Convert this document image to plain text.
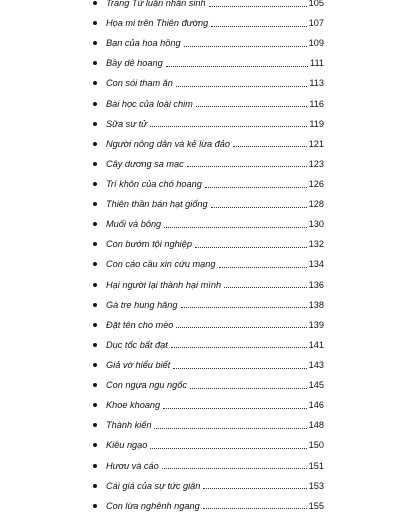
Trang Tử luận nhân sinh	105
Họa mi trên Thiên đường	107
Bạn của hoa hồng	109
Bầy dê hoang	111
Con sói tham ăn	113
Bài học của loài chim	116
Sữa sư tử	119
Người nông dân và kẻ lừa đảo	121
Cây dương sa mạc	123
Trí khôn của chó hoang	126
Thiên thần bán hạt giống	128
Muối và bông	130
Con bướm tội nghiệp	132
Con cáo cầu xin cứu mạng	134
Hại người lại thành hại mình	136
Gà tre hung hăng	138
Đặt tên cho mèo	139
Dục tốc bất đạt	141
Giả vờ hiểu biết	143
Con ngựa ngu ngốc	145
Khoe khoang	146
Thành kiến	148
Kiêu ngạo	150
Hươu và cáo	151
Cái giá của sự tức giận	153
Con lừa nghênh ngang	155
